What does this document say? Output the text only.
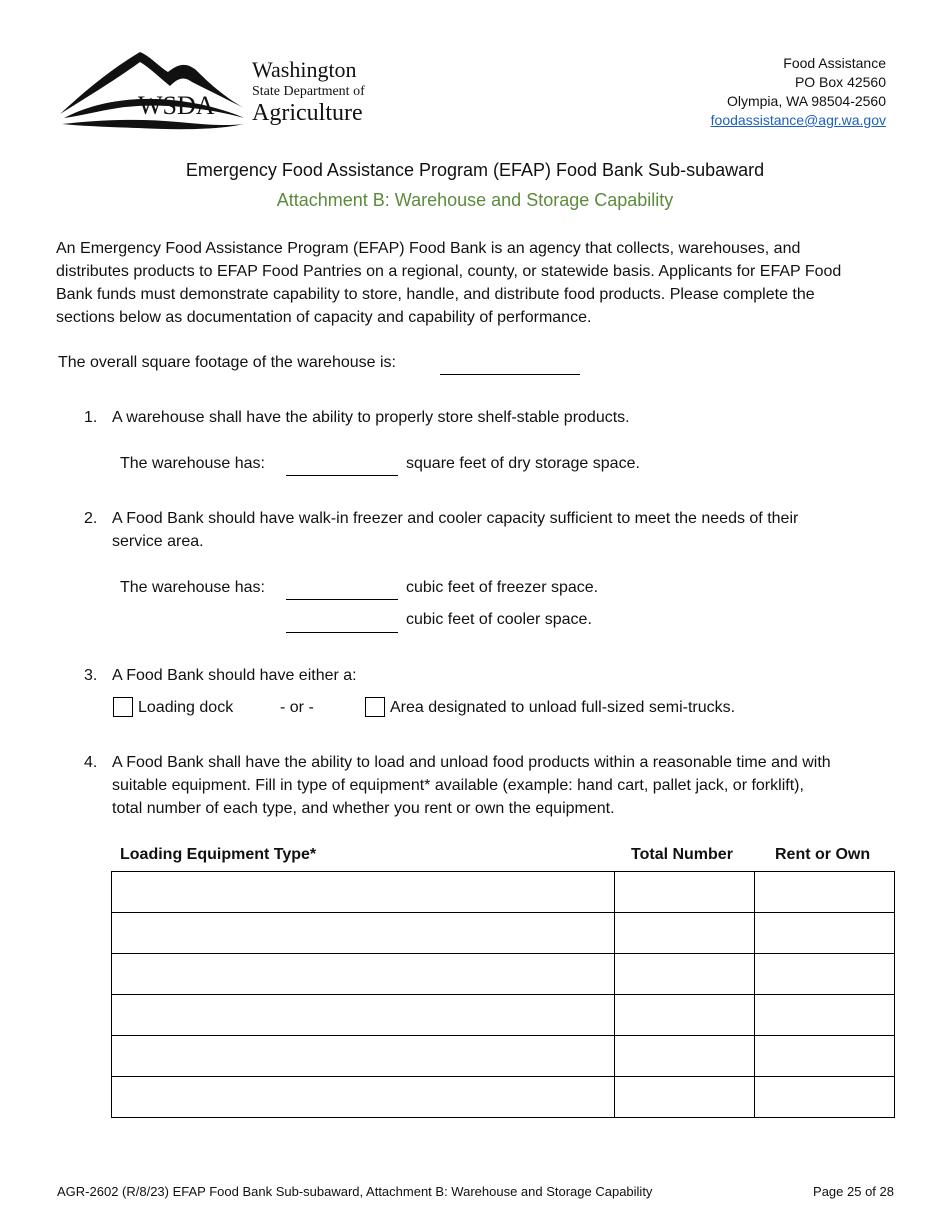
WSDA
Washington
State Department of
Agriculture
Food Assistance
PO Box 42560
Olympia, WA 98504-2560
foodassistance@agr.wa.gov
Emergency Food Assistance Program (EFAP) Food Bank Sub-subaward
Attachment B: Warehouse and Storage Capability
An Emergency Food Assistance Program (EFAP) Food Bank is an agency that collects, warehouses, and
distributes products to EFAP Food Pantries on a regional, county, or statewide basis. Applicants for EFAP Food
Bank funds must demonstrate capability to store, handle, and distribute food products. Please complete the
sections below as documentation of capacity and capability of performance.
The overall square footage of the warehouse is:
1. A warehouse shall have the ability to properly store shelf-stable products.
The warehouse has:	square feet of dry storage space.
2. A Food Bank should have walk-in freezer and cooler capacity sufficient to meet the needs of their
service area.
The warehouse has:	cubic feet of freezer space.
cubic feet of cooler space.
3. A Food Bank should have either a:
Loading dock	- or -	Area designated to unload full-sized semi-trucks.
4. A Food Bank shall have the ability to load and unload food products within a reasonable time and with
suitable equipment. Fill in type of equipment* available (example: hand cart, pallet jack, or forklift),
total number of each type, and whether you rent or own the equipment.
Loading Equipment Type*	Total Number	Rent or Own

AGR-2602 (R/8/23) EFAP Food Bank Sub-subaward, Attachment B: Warehouse and Storage Capability	Page 25 of 28
